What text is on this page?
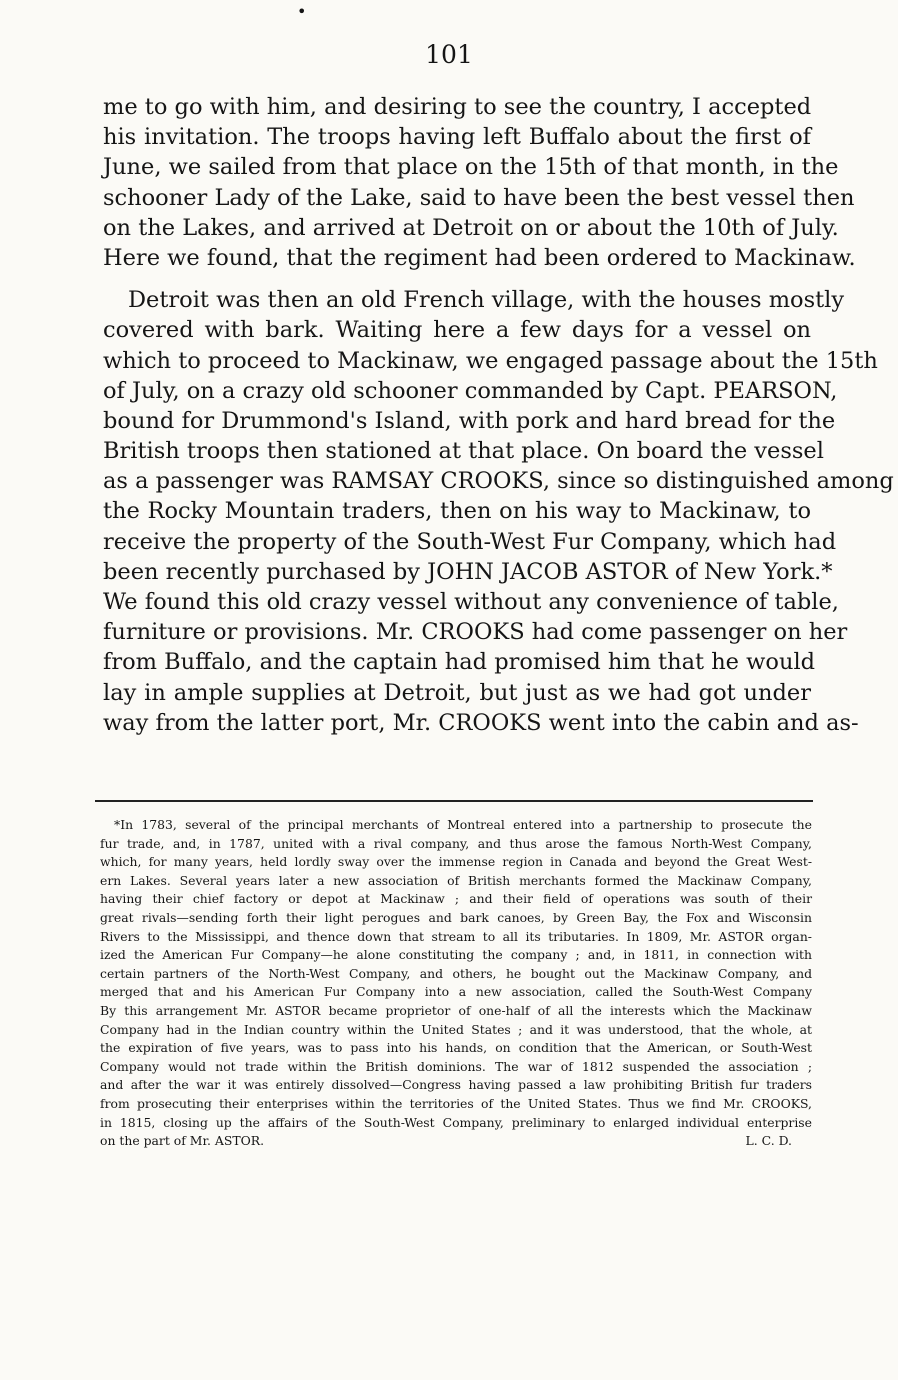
•
101
me to go with him, and desiring to see the country, I accepted
his invitation. The troops having left Buffalo about the first of
June, we sailed from that place on the 15th of that month, in the
schooner Lady of the Lake, said to have been the best vessel then
on the Lakes, and arrived at Detroit on or about the 10th of July.
Here we found, that the regiment had been ordered to Mackinaw.
Detroit was then an old French village, with the houses mostly
covered with bark. Waiting here a few days for a vessel on
which to proceed to Mackinaw, we engaged passage about the 15th
of July, on a crazy old schooner commanded by Capt. PEARSON,
bound for Drummond's Island, with pork and hard bread for the
British troops then stationed at that place. On board the vessel
as a passenger was RAMSAY CROOKS, since so distinguished among
the Rocky Mountain traders, then on his way to Mackinaw, to
receive the property of the South-West Fur Company, which had
been recently purchased by JOHN JACOB ASTOR of New York.*
We found this old crazy vessel without any convenience of table,
furniture or provisions. Mr. CROOKS had come passenger on her
from Buffalo, and the captain had promised him that he would
lay in ample supplies at Detroit, but just as we had got under
way from the latter port, Mr. CROOKS went into the cabin and as-
*In 1783, several of the principal merchants of Montreal entered into a partnership to prosecute the
fur trade, and, in 1787, united with a rival company, and thus arose the famous North-West Company,
which, for many years, held lordly sway over the immense region in Canada and beyond the Great West-
ern Lakes. Several years later a new association of British merchants formed the Mackinaw Company,
having their chief factory or depot at Mackinaw ; and their field of operations was south of their
great rivals—sending forth their light perogues and bark canoes, by Green Bay, the Fox and Wisconsin
Rivers to the Mississippi, and thence down that stream to all its tributaries. In 1809, Mr. ASTOR organ-
ized the American Fur Company—he alone constituting the company ; and, in 1811, in connection with
certain partners of the North-West Company, and others, he bought out the Mackinaw Company, and
merged that and his American Fur Company into a new association, called the South-West Company
By this arrangement Mr. ASTOR became proprietor of one-half of all the interests which the Mackinaw
Company had in the Indian country within the United States ; and it was understood, that the whole, at
the expiration of five years, was to pass into his hands, on condition that the American, or South-West
Company would not trade within the British dominions. The war of 1812 suspended the association ;
and after the war it was entirely dissolved—Congress having passed a law prohibiting British fur traders
from prosecuting their enterprises within the territories of the United States. Thus we find Mr. CROOKS,
in 1815, closing up the affairs of the South-West Company, preliminary to enlarged individual enterprise
on the part of Mr. ASTOR.	L. C. D.
